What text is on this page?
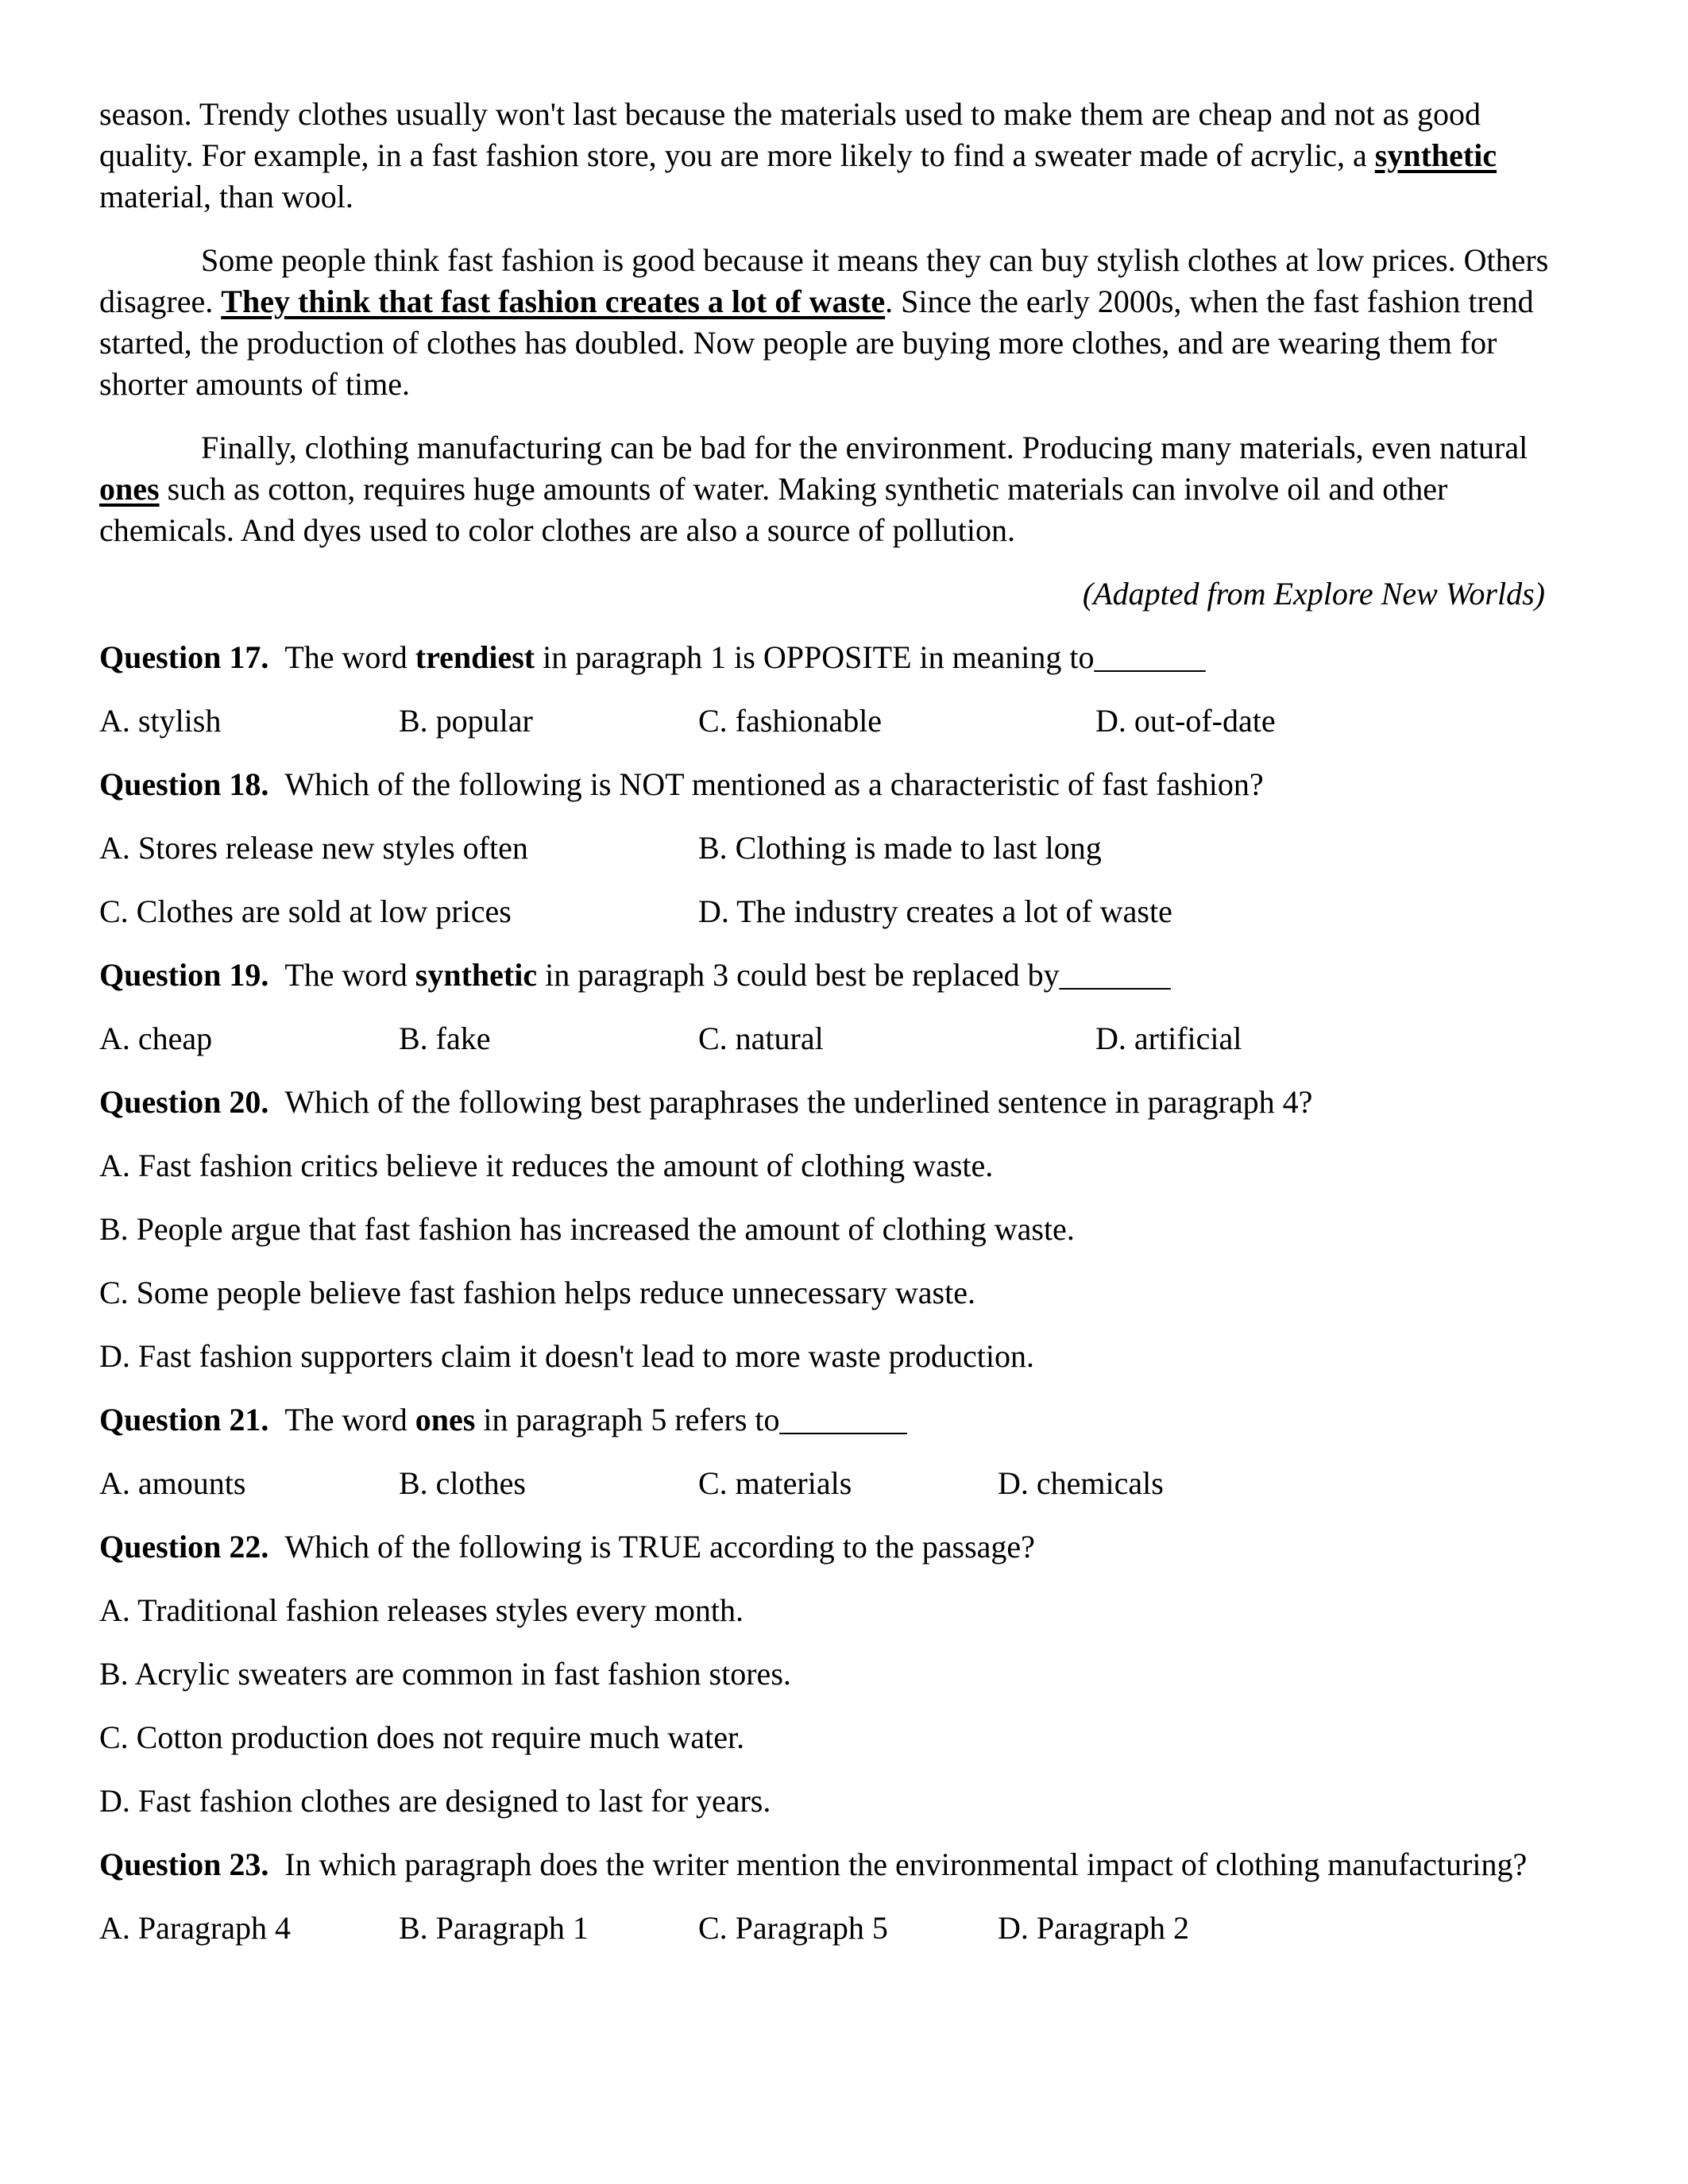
season. Trendy clothes usually won't last because the materials used to make them are cheap and not as good quality. For example, in a fast fashion store, you are more likely to find a sweater made of acrylic, a synthetic material, than wool.

Some people think fast fashion is good because it means they can buy stylish clothes at low prices. Others disagree. They think that fast fashion creates a lot of waste. Since the early 2000s, when the fast fashion trend started, the production of clothes has doubled. Now people are buying more clothes, and are wearing them for shorter amounts of time.

Finally, clothing manufacturing can be bad for the environment. Producing many materials, even natural ones such as cotton, requires huge amounts of water. Making synthetic materials can involve oil and other chemicals. And dyes used to color clothes are also a source of pollution.

(Adapted from Explore New Worlds)

Question 17. The word trendiest in paragraph 1 is OPPOSITE in meaning to_______

A. stylish	B. popular	C. fashionable	D. out-of-date

Question 18. Which of the following is NOT mentioned as a characteristic of fast fashion?

A. Stores release new styles often	B. Clothing is made to last long
C. Clothes are sold at low prices	D. The industry creates a lot of waste

Question 19. The word synthetic in paragraph 3 could best be replaced by_______

A. cheap	B. fake	C. natural	D. artificial

Question 20. Which of the following best paraphrases the underlined sentence in paragraph 4?

A. Fast fashion critics believe it reduces the amount of clothing waste.

B. People argue that fast fashion has increased the amount of clothing waste.

C. Some people believe fast fashion helps reduce unnecessary waste.

D. Fast fashion supporters claim it doesn't lead to more waste production.

Question 21. The word ones in paragraph 5 refers to________

A. amounts	B. clothes	C. materials	D. chemicals

Question 22. Which of the following is TRUE according to the passage?

A. Traditional fashion releases styles every month.

B. Acrylic sweaters are common in fast fashion stores.

C. Cotton production does not require much water.

D. Fast fashion clothes are designed to last for years.

Question 23. In which paragraph does the writer mention the environmental impact of clothing manufacturing?

A. Paragraph 4	B. Paragraph 1	C. Paragraph 5	D. Paragraph 2
